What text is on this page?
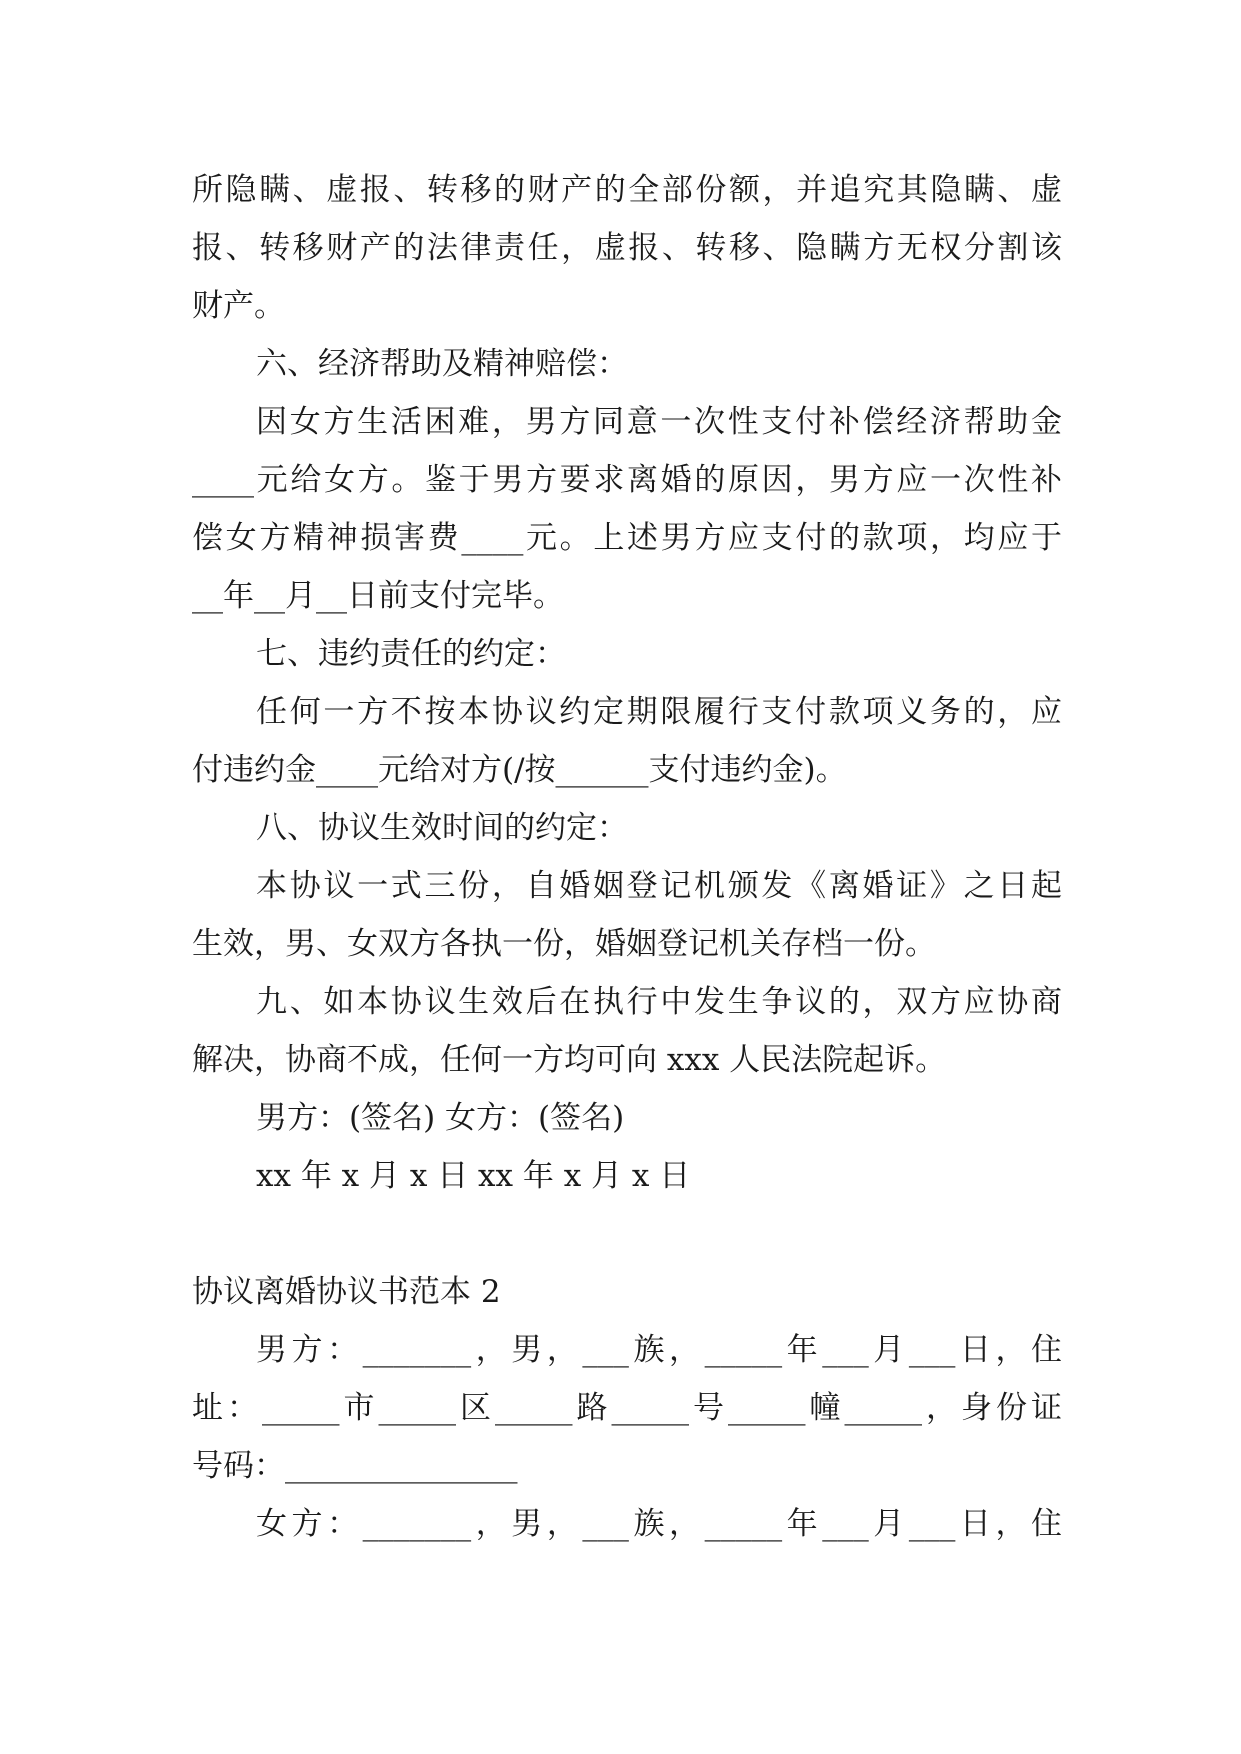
所隐瞒、虚报、转移的财产的全部份额，并追究其隐瞒、虚
报、转移财产的法律责任，虚报、转移、隐瞒方无权分割该
财产。
六、经济帮助及精神赔偿：
因女方生活困难，男方同意一次性支付补偿经济帮助金
____元给女方。鉴于男方要求离婚的原因，男方应一次性补
偿女方精神损害费____元。上述男方应支付的款项，均应于
__年__月__日前支付完毕。
七、违约责任的约定：
任何一方不按本协议约定期限履行支付款项义务的，应
付违约金____元给对方(/按______支付违约金)。
八、协议生效时间的约定：
本协议一式三份，自婚姻登记机颁发《离婚证》之日起
生效，男、女双方各执一份，婚姻登记机关存档一份。
九、如本协议生效后在执行中发生争议的，双方应协商
解决，协商不成，任何一方均可向 xxx 人民法院起诉。
男方：(签名) 女方：(签名)
xx 年 x 月 x 日 xx 年 x 月 x 日
协议离婚协议书范本 2
男方：_______，男，___族，_____年___月___日，住
址：_____市_____区_____路_____号_____幢_____，身份证
号码：_______________
女方：_______，男，___族，_____年___月___日，住
